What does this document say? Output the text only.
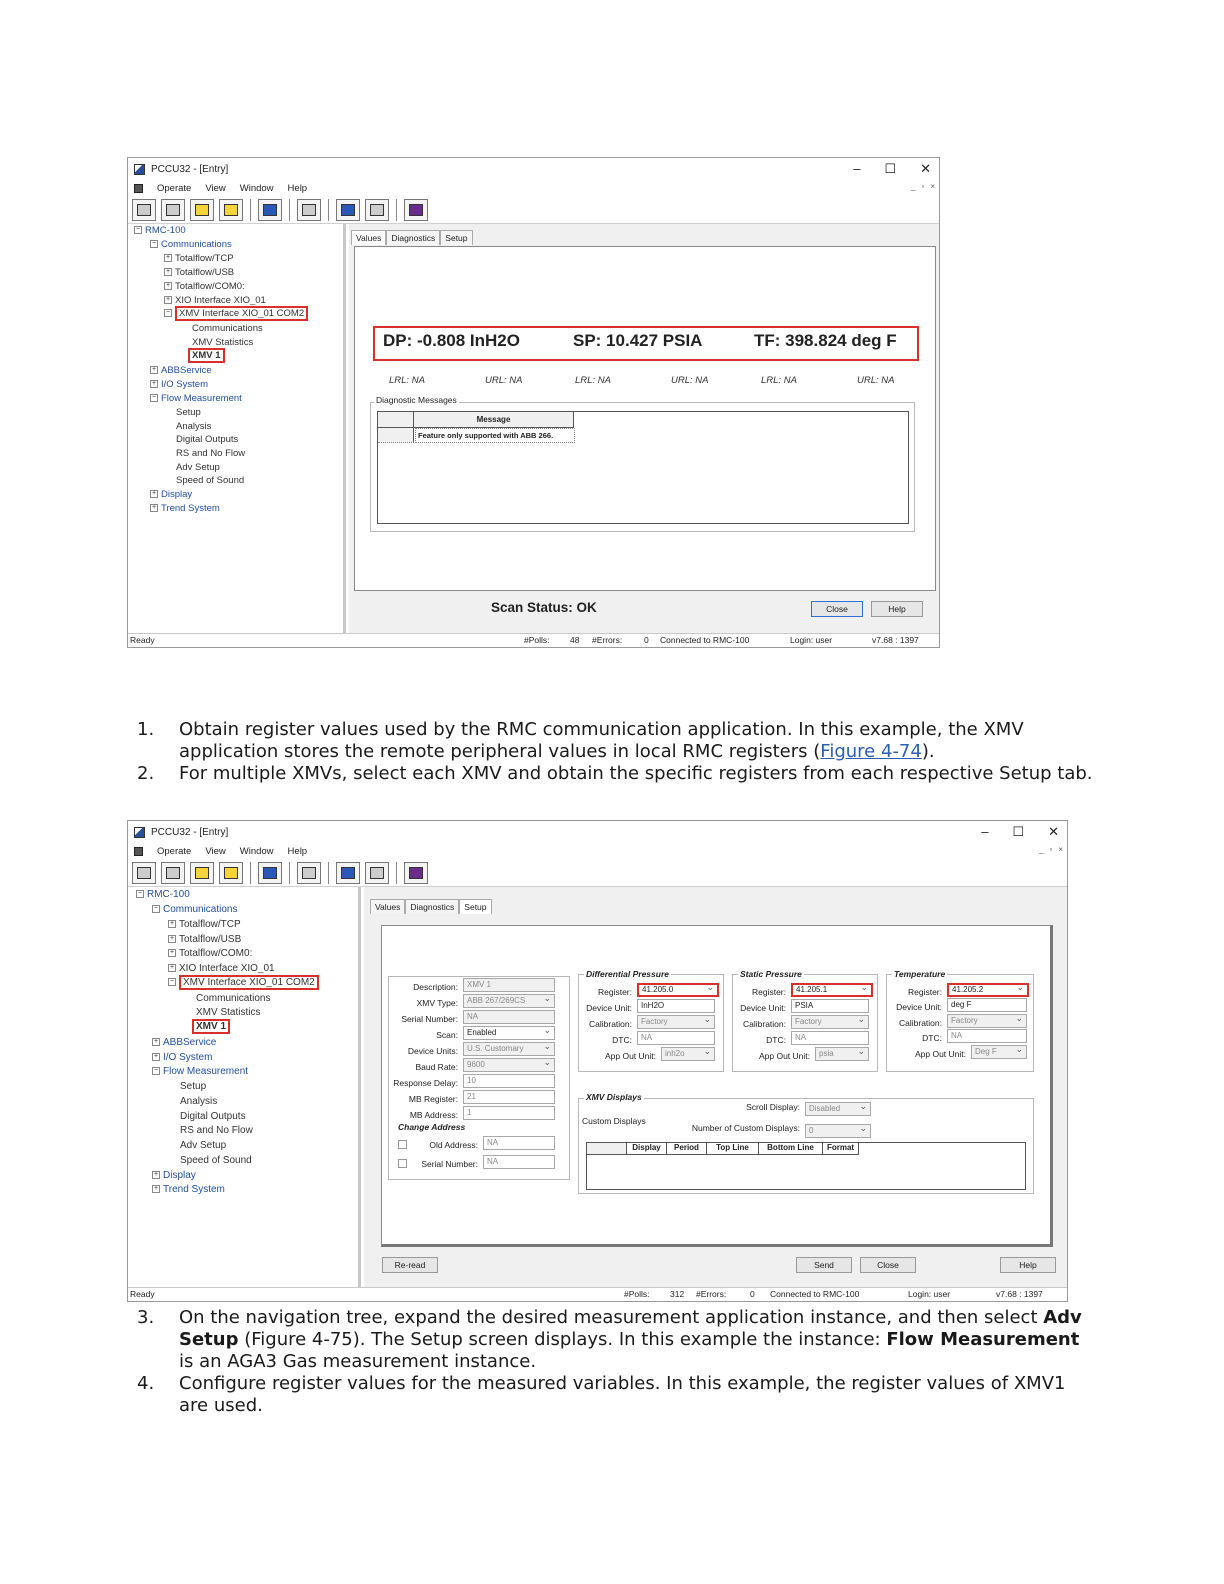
PCCU32 - [Entry]	– ☐ ✕
Operate View Window Help	_ ▫ ×
− RMC-100
− Communications
+ Totalflow/TCP
+ Totalflow/USB
+ Totalflow/COM0:
+ XIO Interface XIO_01
− XMV Interface XIO_01 COM2
Communications
XMV Statistics
XMV 1
+ ABBService
+ I/O System
− Flow Measurement
Setup
Analysis
Digital Outputs
RS and No Flow
Adv Setup
Speed of Sound
+ Display
+ Trend System
Values	Diagnostics	Setup
DP: -0.808 InH2O	SP: 10.427 PSIA	TF: 398.824 deg F
LRL: NA	URL: NA	LRL: NA	URL: NA	LRL: NA	URL: NA
Diagnostic Messages
Message
Feature only supported with ABB 266.
Scan Status: OK	Close	Help
Ready	#Polls: 48 #Errors:	0 Connected to RMC-100	Login: user	v7.68 : 1397
1. Obtain register values used by the RMC communication application. In this example, the XMV
application stores the remote peripheral values in local RMC registers (Figure 4-74).
2. For multiple XMVs, select each XMV and obtain the specific registers from each respective Setup tab.
PCCU32 - [Entry]	– ☐ ✕
Operate View Window Help	_ ▫ ×
− RMC-100
− Communications
+ Totalflow/TCP
+ Totalflow/USB
+ Totalflow/COM0:
+ XIO Interface XIO_01
− XMV Interface XIO_01 COM2
Communications
XMV Statistics
XMV 1
+ ABBService
+ I/O System
− Flow Measurement
Setup
Analysis
Digital Outputs
RS and No Flow
Adv Setup
Speed of Sound
+ Display
+ Trend System
Values	Diagnostics	Setup
Description:	XMV 1
XMV Type:	ABB 267/269CS ⌄
Serial Number:	NA
Scan:	Enabled ⌄
Device Units:	U.S. Customary ⌄
Baud Rate:	9600 ⌄
Response Delay:	10
MB Register:	21
MB Address:	1
Change Address
Old Address:	NA
Serial Number:	NA
Differential Pressure
Register:	41.205.0 ⌄
Device Unit:	InH2O
Calibration:	Factory ⌄
DTC:	NA
App Out Unit:	inh2o ⌄
Static Pressure
Register:	41.205.1 ⌄
Device Unit:	PSIA
Calibration:	Factory ⌄
DTC:	NA
App Out Unit:	psia ⌄
Temperature
Register:	41.205.2 ⌄
Device Unit:	deg F
Calibration:	Factory ⌄
DTC:	NA
App Out Unit:	Deg F ⌄
XMV Displays
Scroll Display:	Disabled ⌄
Custom Displays
Number of Custom Displays:	0 ⌄
Display	Period	Top Line	Bottom Line	Format
Re-read	Send	Close	Help
Ready	#Polls: 312 #Errors:	0 Connected to RMC-100	Login: user	v7.68 : 1397
3. On the navigation tree, expand the desired measurement application instance, and then select Adv
Setup (Figure 4-75). The Setup screen displays. In this example the instance: Flow Measurement
is an AGA3 Gas measurement instance.
4. Configure register values for the measured variables. In this example, the register values of XMV1
are used.
